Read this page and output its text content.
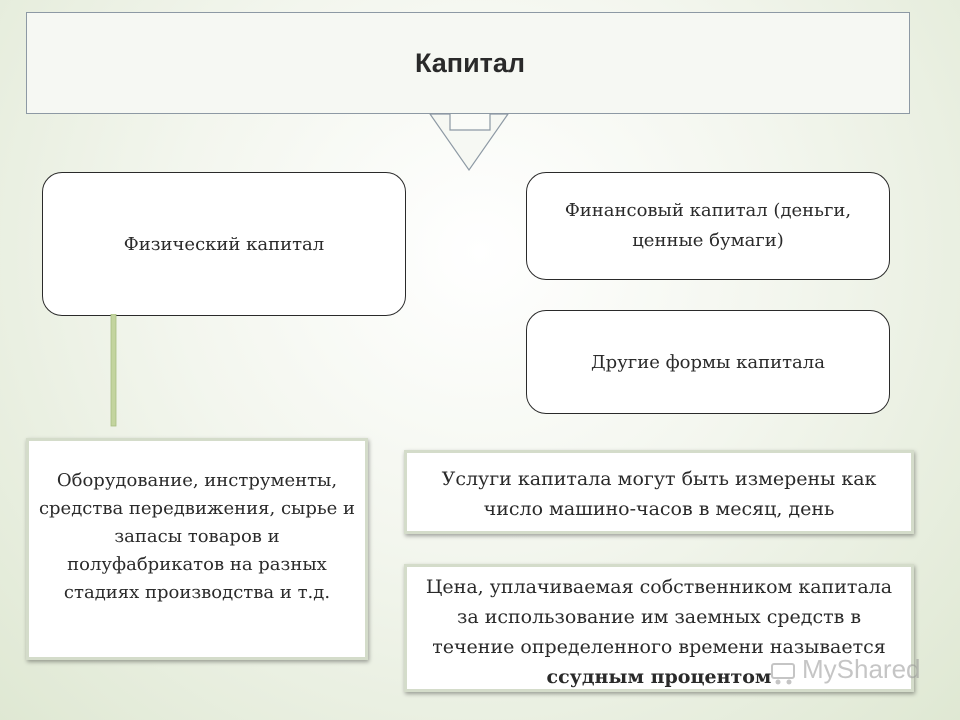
Капитал
Физический капитал
Финансовый капитал (деньги, ценные бумаги)
Другие формы капитала
Оборудование, инструменты, средства передвижения, сырье и запасы товаров и полуфабрикатов на разных стадиях производства и т.д.
Услуги капитала могут быть измерены как число машино-часов в месяц, день
Цена, уплачиваемая собственником капитала за использование им заемных средств в течение определенного времени называется ссудным процентом	MyShared
